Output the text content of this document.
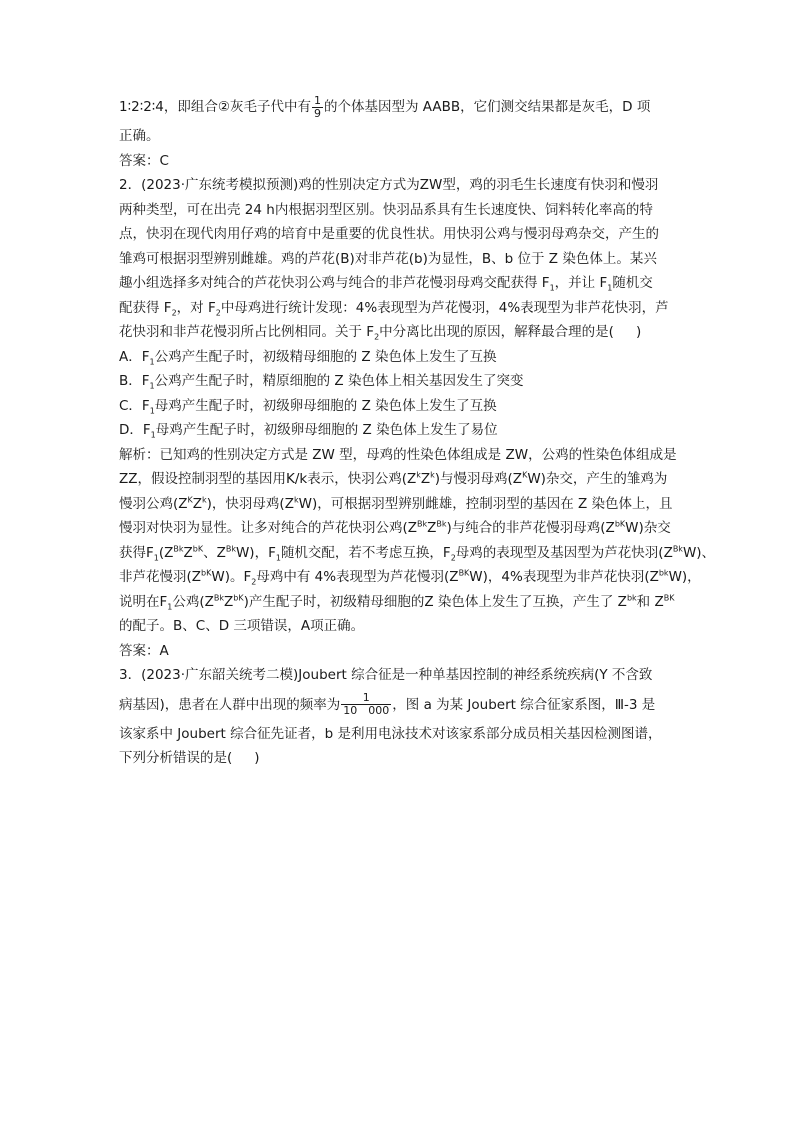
1∶2∶2∶4，即组合②灰毛子代中有 $\frac{1}{9}$ 的个体基因型为 AABB，它们测交结果都是灰毛，D 项
正确。
答案：C
2．(2023·广东统考模拟预测)鸡的性别决定方式为ZW型，鸡的羽毛生长速度有快羽和慢羽
两种类型，可在出壳 24 h内根据羽型区别。快羽品系具有生长速度快、饲料转化率高的特
点，快羽在现代肉用仔鸡的培育中是重要的优良性状。用快羽公鸡与慢羽母鸡杂交，产生的
雏鸡可根据羽型辨别雌雄。鸡的芦花(B)对非芦花(b)为显性，B、b 位于 Z 染色体上。某兴
趣小组选择多对纯合的芦花快羽公鸡与纯合的非芦花慢羽母鸡交配获得 $F_1$，并让 $F_1$随机交
配获得 $F_2$，对 $F_2$中母鸡进行统计发现：4%表现型为芦花慢羽，4%表现型为非芦花快羽，芦
花快羽和非芦花慢羽所占比例相同。关于 $F_2$中分离比出现的原因，解释最合理的是( )
A．$F_1$公鸡产生配子时，初级精母细胞的 Z 染色体上发生了互换
B．$F_1$公鸡产生配子时，精原细胞的 Z 染色体上相关基因发生了突变
C．$F_1$母鸡产生配子时，初级卵母细胞的 Z 染色体上发生了互换
D．$F_1$母鸡产生配子时，初级卵母细胞的 Z 染色体上发生了易位
解析：已知鸡的性别决定方式是 ZW 型，母鸡的性染色体组成是 ZW，公鸡的性染色体组成是
ZZ，假设控制羽型的基因用K/k表示，快羽公鸡$(Z^kZ^k)$与慢羽母鸡$(Z^KW)$杂交，产生的雏鸡为
慢羽公鸡$(Z^KZ^k)$，快羽母鸡$(Z^kW)$，可根据羽型辨别雌雄，控制羽型的基因在 Z 染色体上，且
慢羽对快羽为显性。让多对纯合的芦花快羽公鸡$(Z^{Bk}Z^{Bk})$与纯合的非芦花慢羽母鸡$(Z^{bK}W)$杂交
获得$F_1(Z^{Bk}Z^{bK}$、$Z^{Bk}W$)，$F_1$随机交配，若不考虑互换，$F_2$母鸡的表现型及基因型为芦花快羽$(Z^{Bk}W)$、
非芦花慢羽$(Z^{bK}W)$。$F_2$母鸡中有 4%表现型为芦花慢羽$(Z^{BK}W)$，4%表现型为非芦花快羽$(Z^{bk}W)$，
说明在$F_1$公鸡$(Z^{Bk}Z^{bK})$产生配子时，初级精母细胞的Z 染色体上发生了互换，产生了 $Z^{bk}$和 $Z^{BK}$
的配子。B、C、D 三项错误，A项正确。
答案：A
3．(2023·广东韶关统考二模)Joubert 综合征是一种单基因控制的神经系统疾病(Y 不含致
病基因)，患者在人群中出现的频率为 $\frac{1}{10 000}$ ，图 a 为某 Joubert 综合征家系图，Ⅲ-3 是
该家系中 Joubert 综合征先证者，b 是利用电泳技术对该家系部分成员相关基因检测图谱，
下列分析错误的是( )
